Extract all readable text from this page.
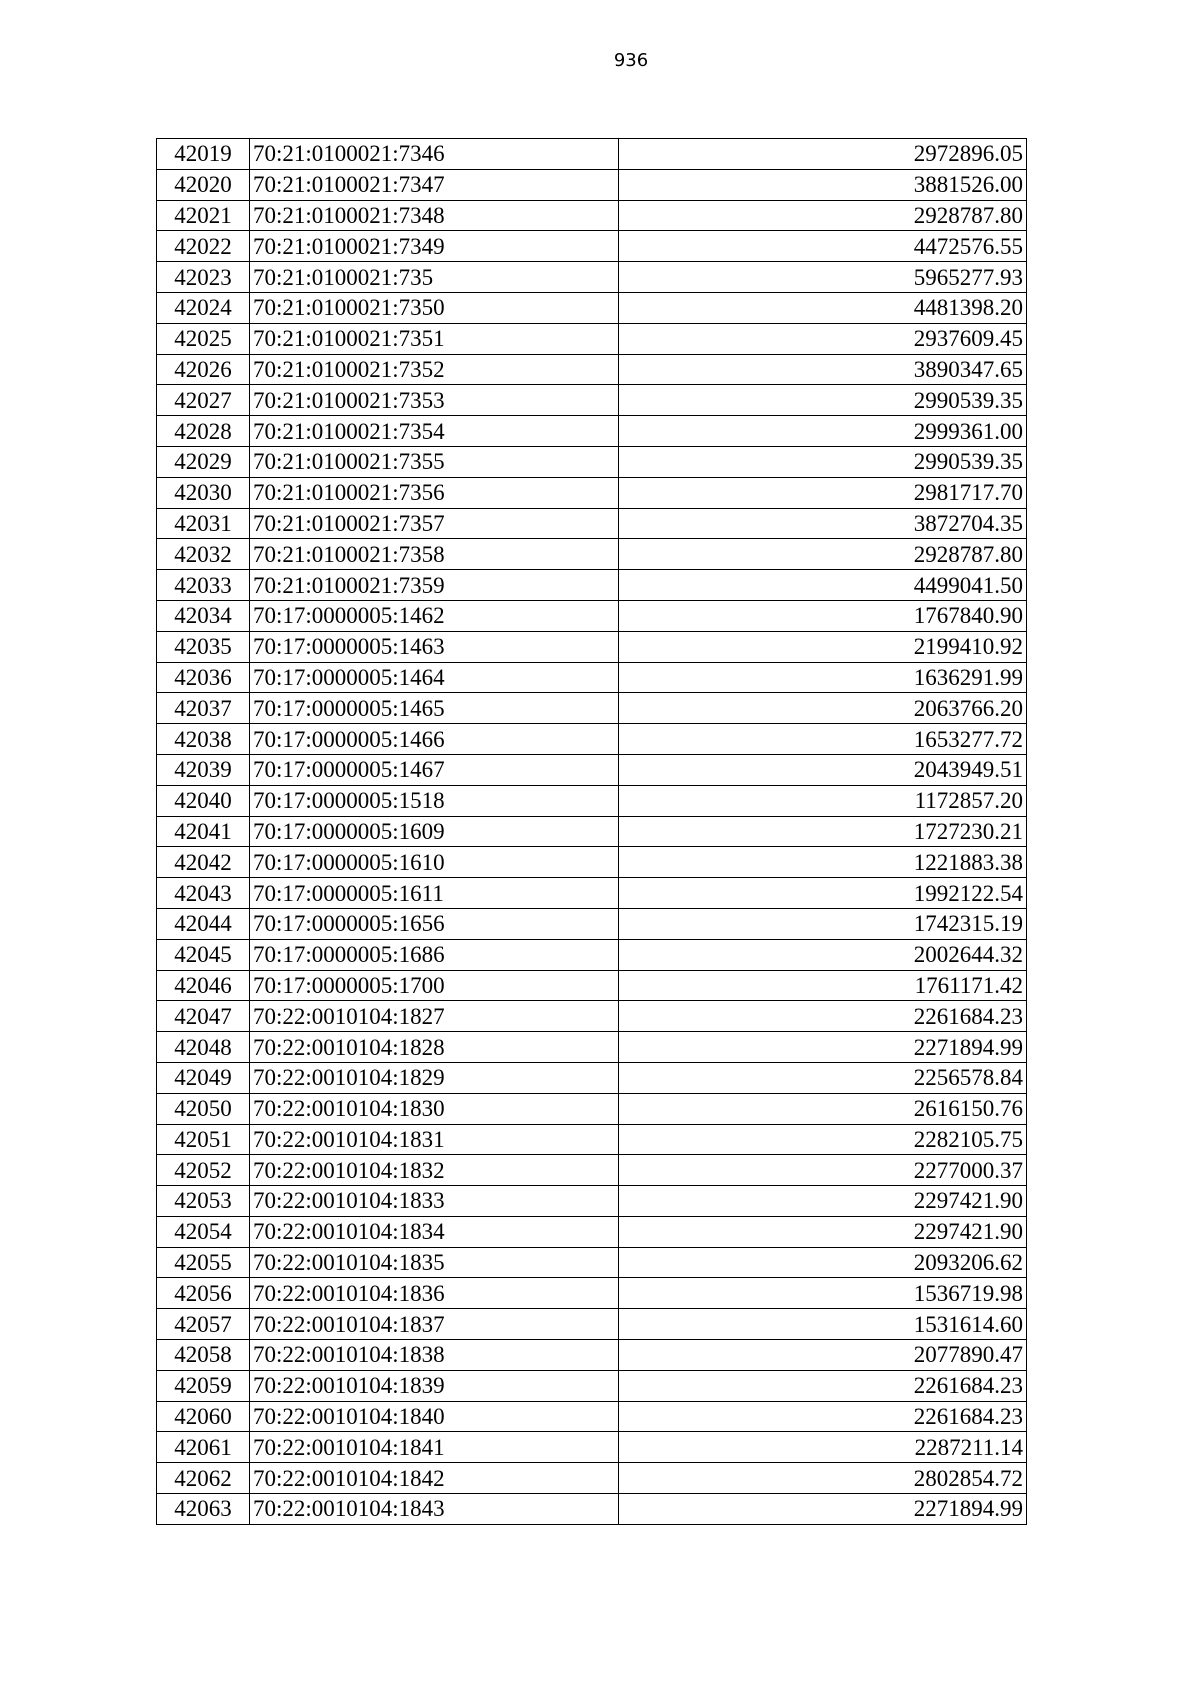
936
42019	70:21:0100021:7346	2972896.05
42020	70:21:0100021:7347	3881526.00
42021	70:21:0100021:7348	2928787.80
42022	70:21:0100021:7349	4472576.55
42023	70:21:0100021:735	5965277.93
42024	70:21:0100021:7350	4481398.20
42025	70:21:0100021:7351	2937609.45
42026	70:21:0100021:7352	3890347.65
42027	70:21:0100021:7353	2990539.35
42028	70:21:0100021:7354	2999361.00
42029	70:21:0100021:7355	2990539.35
42030	70:21:0100021:7356	2981717.70
42031	70:21:0100021:7357	3872704.35
42032	70:21:0100021:7358	2928787.80
42033	70:21:0100021:7359	4499041.50
42034	70:17:0000005:1462	1767840.90
42035	70:17:0000005:1463	2199410.92
42036	70:17:0000005:1464	1636291.99
42037	70:17:0000005:1465	2063766.20
42038	70:17:0000005:1466	1653277.72
42039	70:17:0000005:1467	2043949.51
42040	70:17:0000005:1518	1172857.20
42041	70:17:0000005:1609	1727230.21
42042	70:17:0000005:1610	1221883.38
42043	70:17:0000005:1611	1992122.54
42044	70:17:0000005:1656	1742315.19
42045	70:17:0000005:1686	2002644.32
42046	70:17:0000005:1700	1761171.42
42047	70:22:0010104:1827	2261684.23
42048	70:22:0010104:1828	2271894.99
42049	70:22:0010104:1829	2256578.84
42050	70:22:0010104:1830	2616150.76
42051	70:22:0010104:1831	2282105.75
42052	70:22:0010104:1832	2277000.37
42053	70:22:0010104:1833	2297421.90
42054	70:22:0010104:1834	2297421.90
42055	70:22:0010104:1835	2093206.62
42056	70:22:0010104:1836	1536719.98
42057	70:22:0010104:1837	1531614.60
42058	70:22:0010104:1838	2077890.47
42059	70:22:0010104:1839	2261684.23
42060	70:22:0010104:1840	2261684.23
42061	70:22:0010104:1841	2287211.14
42062	70:22:0010104:1842	2802854.72
42063	70:22:0010104:1843	2271894.99
